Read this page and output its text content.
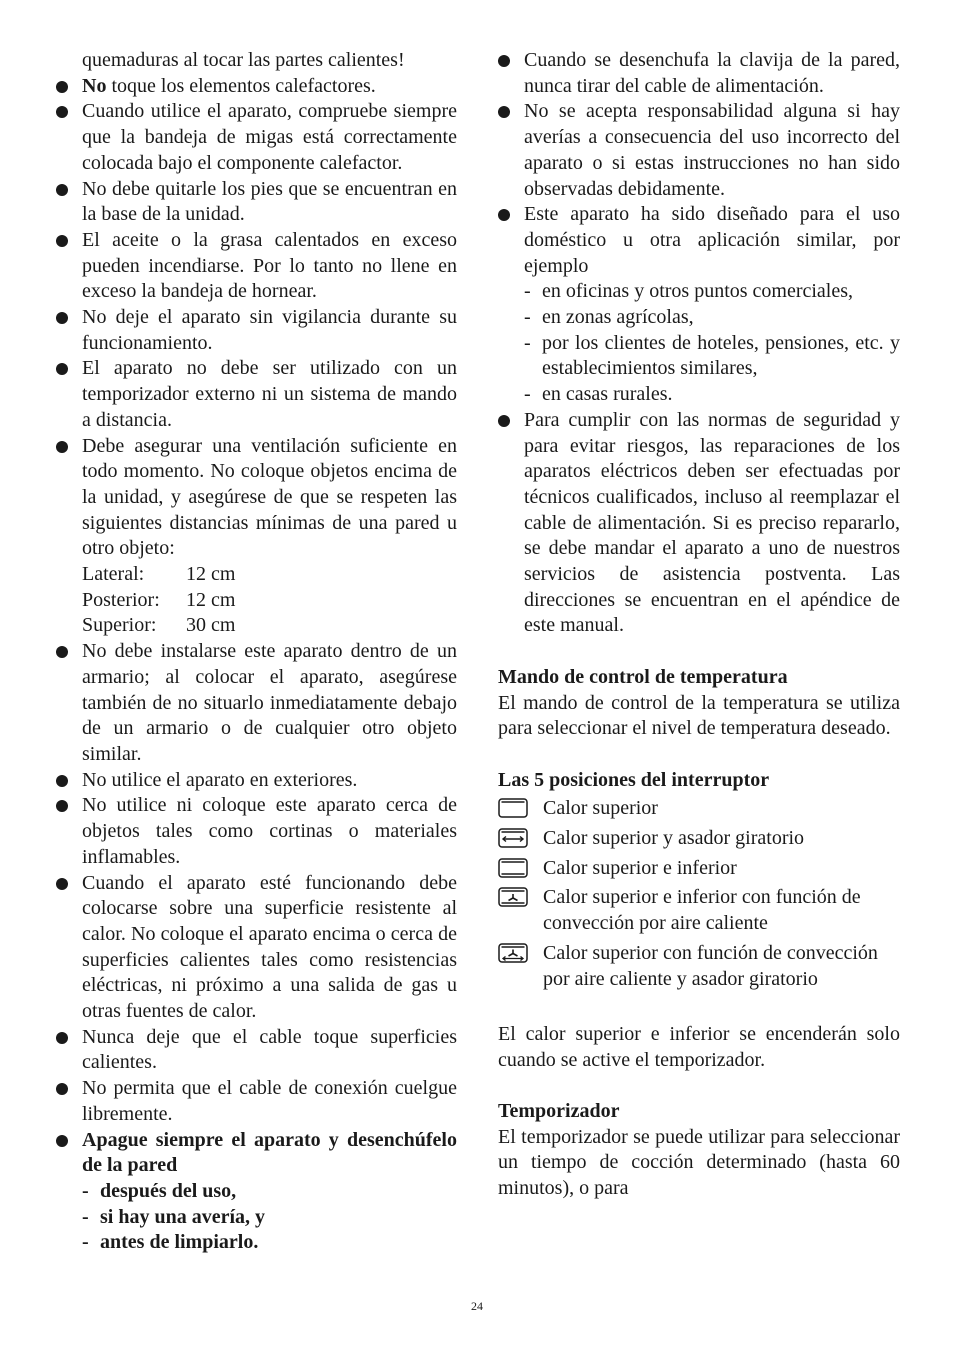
quemaduras al tocar las partes calientes!

No toque los elementos calefactores.
Cuando utilice el aparato, compruebe siempre que la bandeja de migas está correctamente colocada bajo el componente calefactor.
No debe quitarle los pies que se encuentran en la base de la unidad.
El aceite o la grasa calentados en exceso pueden incendiarse. Por lo tanto no llene en exceso la bandeja de hornear.
No deje el aparato sin vigilancia durante su funcionamiento.
El aparato no debe ser utilizado con un temporizador externo ni un sistema de mando a distancia.
Debe asegurar una ventilación suficiente en todo momento. No coloque objetos encima de la unidad, y asegúrese de que se respeten las siguientes distancias mínimas de una pared u otro objeto:
Lateral:	12 cm
Posterior:	12 cm
Superior:	30 cm
No debe instalarse este aparato dentro de un armario; al colocar el aparato, asegúrese también de no situarlo inmediatamente debajo de un armario o de cualquier otro objeto similar.
No utilice el aparato en exteriores.
No utilice ni coloque este aparato cerca de objetos tales como cortinas o materiales inflamables.
Cuando el aparato esté funcionando debe colocarse sobre una superficie resistente al calor. No coloque el aparato encima o cerca de superficies calientes tales como resistencias eléctricas, ni próximo a una salida de gas u otras fuentes de calor.
Nunca deje que el cable toque superficies calientes.
No permita que el cable de conexión cuelgue libremente.
Apague siempre el aparato y desenchúfelo de la pared
- después del uso,
- si hay una avería, y
- antes de limpiarlo.
Cuando se desenchufa la clavija de la pared, nunca tirar del cable de alimentación.
No se acepta responsabilidad alguna si hay averías a consecuencia del uso incorrecto del aparato o si estas instrucciones no han sido observadas debidamente.
Este aparato ha sido diseñado para el uso doméstico u otra aplicación similar, por ejemplo
- en oficinas y otros puntos comerciales,
- en zonas agrícolas,
- por los clientes de hoteles, pensiones, etc. y establecimientos similares,
- en casas rurales.
Para cumplir con las normas de seguridad y para evitar riesgos, las reparaciones de los aparatos eléctricos deben ser efectuadas por técnicos cualificados, incluso al reemplazar el cable de alimentación. Si es preciso repararlo, se debe mandar el aparato a uno de nuestros servicios de asistencia postventa. Las direcciones se encuentran en el apéndice de este manual.

Mando de control de temperatura

El mando de control de la temperatura se utiliza para seleccionar el nivel de temperatura deseado.

Las 5 posiciones del interruptor

Calor superior
Calor superior y asador giratorio
Calor superior e inferior
Calor superior e inferior con función de convección por aire caliente
Calor superior con función de convección por aire caliente y asador giratorio

El calor superior e inferior se encenderán solo cuando se active el temporizador.

Temporizador

El temporizador se puede utilizar para seleccionar un tiempo de cocción determinado (hasta 60 minutos), o para

24
